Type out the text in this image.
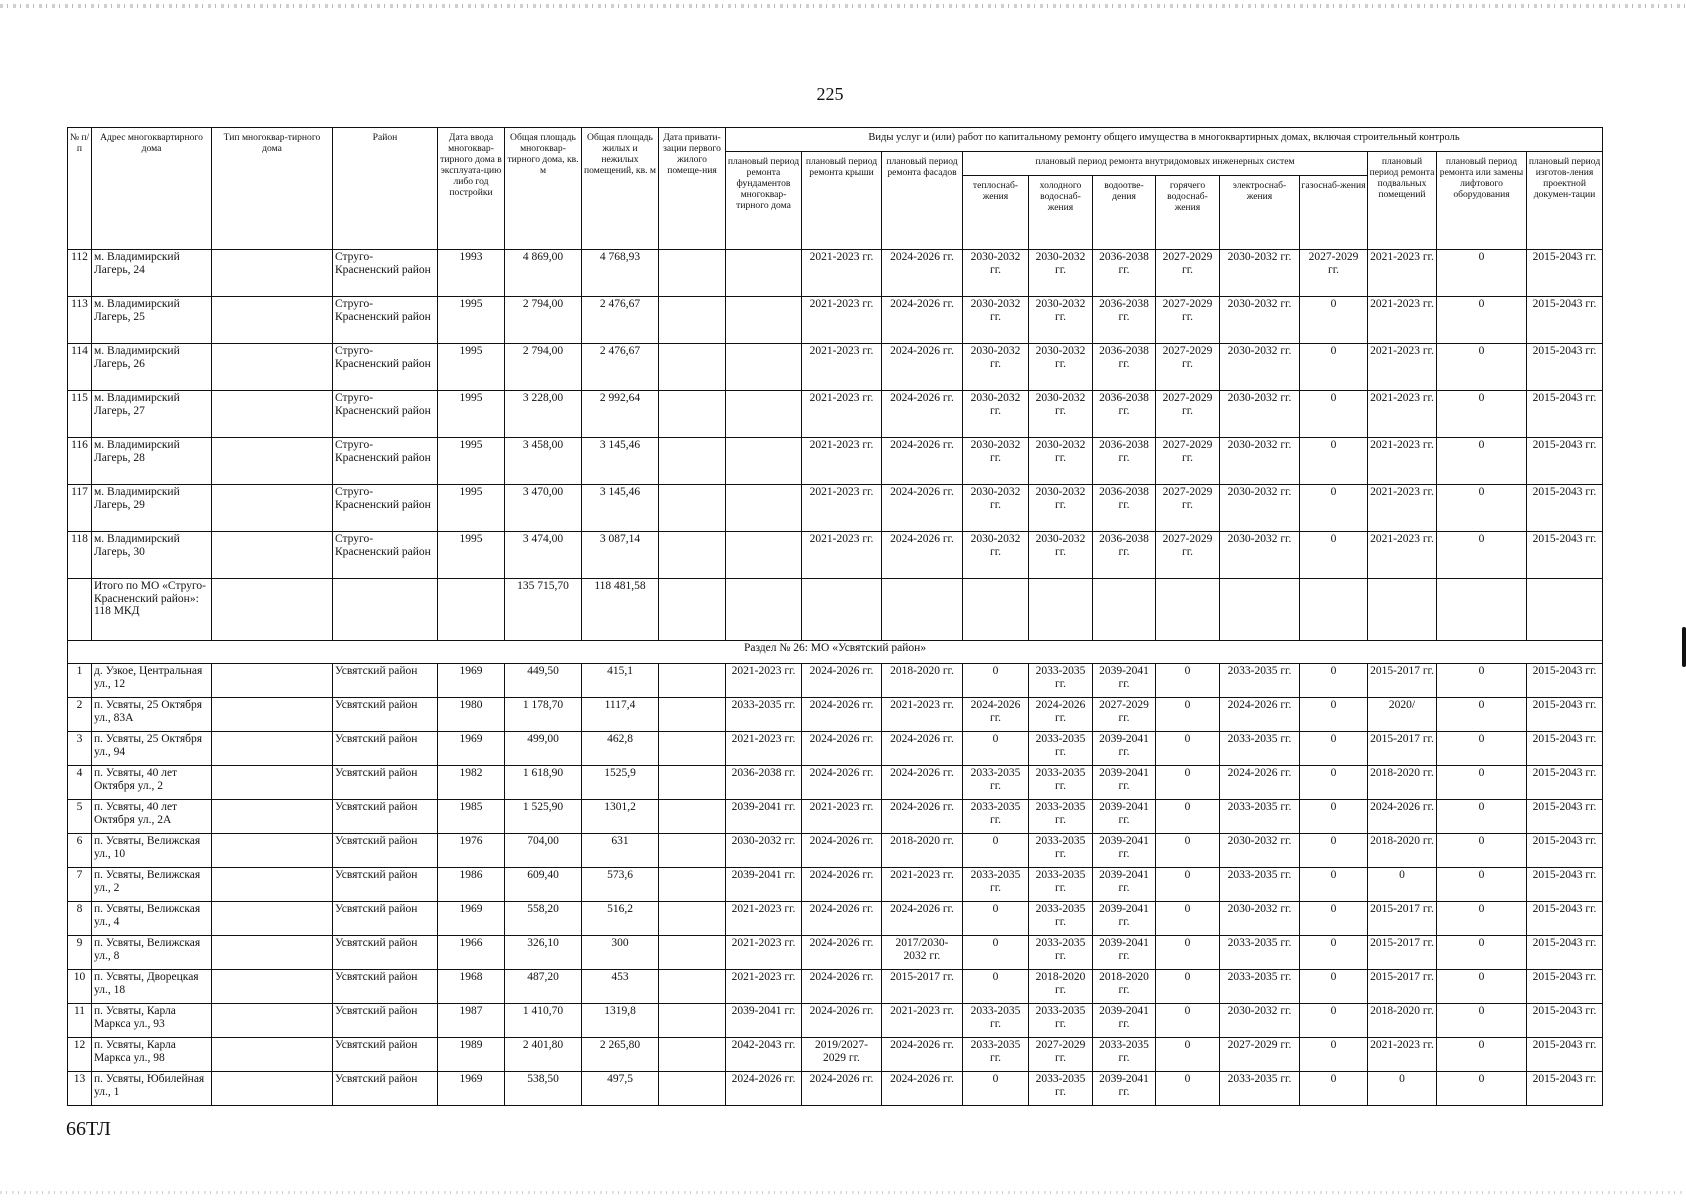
225
№ п/п	Адрес многоквартирного дома	Тип многоквар-тирного дома	Район	Дата ввода многоквар-тирного дома в эксплуата-цию либо год постройки	Общая площадь многоквар-тирного дома, кв. м	Общая площадь жилых и нежилых помещений, кв. м	Дата привати-зации первого жилого помеще-ния	Виды услуг и (или) работ по капитальному ремонту общего имущества в многоквартирных домах, включая строительный контроль											
								плановый период ремонта фундаментов многоквар-тирного дома	плановый период ремонта крыши	плановый период ремонта фасадов	плановый период ремонта внутридомовых инженерных систем						плановый период ремонта подвальных помещений	плановый период ремонта или замены лифтового оборудования	плановый период изготов-ления проектной докумен-тации
											теплоснаб-жения	холодного водоснаб-жения	водоотве-дения	горячего водоснаб-жения	электроснаб-жения	газоснаб-жения			
112	м. Владимирский Лагерь, 24		Струго-Красненский район	1993	4 869,00	4 768,93			2021-2023 гг.	2024-2026 гг.	2030-2032 гг.	2030-2032 гг.	2036-2038 гг.	2027-2029 гг.	2030-2032 гг.	2027-2029 гг.	2021-2023 гг.	0	2015-2043 гг.
113	м. Владимирский Лагерь, 25		Струго-Красненский район	1995	2 794,00	2 476,67			2021-2023 гг.	2024-2026 гг.	2030-2032 гг.	2030-2032 гг.	2036-2038 гг.	2027-2029 гг.	2030-2032 гг.	0	2021-2023 гг.	0	2015-2043 гг.
114	м. Владимирский Лагерь, 26		Струго-Красненский район	1995	2 794,00	2 476,67			2021-2023 гг.	2024-2026 гг.	2030-2032 гг.	2030-2032 гг.	2036-2038 гг.	2027-2029 гг.	2030-2032 гг.	0	2021-2023 гг.	0	2015-2043 гг.
115	м. Владимирский Лагерь, 27		Струго-Красненский район	1995	3 228,00	2 992,64			2021-2023 гг.	2024-2026 гг.	2030-2032 гг.	2030-2032 гг.	2036-2038 гг.	2027-2029 гг.	2030-2032 гг.	0	2021-2023 гг.	0	2015-2043 гг.
116	м. Владимирский Лагерь, 28		Струго-Красненский район	1995	3 458,00	3 145,46			2021-2023 гг.	2024-2026 гг.	2030-2032 гг.	2030-2032 гг.	2036-2038 гг.	2027-2029 гг.	2030-2032 гг.	0	2021-2023 гг.	0	2015-2043 гг.
117	м. Владимирский Лагерь, 29		Струго-Красненский район	1995	3 470,00	3 145,46			2021-2023 гг.	2024-2026 гг.	2030-2032 гг.	2030-2032 гг.	2036-2038 гг.	2027-2029 гг.	2030-2032 гг.	0	2021-2023 гг.	0	2015-2043 гг.
118	м. Владимирский Лагерь, 30		Струго-Красненский район	1995	3 474,00	3 087,14			2021-2023 гг.	2024-2026 гг.	2030-2032 гг.	2030-2032 гг.	2036-2038 гг.	2027-2029 гг.	2030-2032 гг.	0	2021-2023 гг.	0	2015-2043 гг.
	Итого по МО «Струго-Красненский район»: 118 МКД				135 715,70	118 481,58													
Раздел № 26: МО «Усвятский район»																			
1	д. Узкое, Центральная ул., 12		Усвятский район	1969	449,50	415,1		2021-2023 гг.	2024-2026 гг.	2018-2020 гг.	0	2033-2035 гг.	2039-2041 гг.	0	2033-2035 гг.	0	2015-2017 гг.	0	2015-2043 гг.
2	п. Усвяты, 25 Октября ул., 83А		Усвятский район	1980	1 178,70	1117,4		2033-2035 гг.	2024-2026 гг.	2021-2023 гг.	2024-2026 гг.	2024-2026 гг.	2027-2029 гг.	0	2024-2026 гг.	0	2020/	0	2015-2043 гг.
3	п. Усвяты, 25 Октября ул., 94		Усвятский район	1969	499,00	462,8		2021-2023 гг.	2024-2026 гг.	2024-2026 гг.	0	2033-2035 гг.	2039-2041 гг.	0	2033-2035 гг.	0	2015-2017 гг.	0	2015-2043 гг.
4	п. Усвяты, 40 лет Октября ул., 2		Усвятский район	1982	1 618,90	1525,9		2036-2038 гг.	2024-2026 гг.	2024-2026 гг.	2033-2035 гг.	2033-2035 гг.	2039-2041 гг.	0	2024-2026 гг.	0	2018-2020 гг.	0	2015-2043 гг.
5	п. Усвяты, 40 лет Октября ул., 2А		Усвятский район	1985	1 525,90	1301,2		2039-2041 гг.	2021-2023 гг.	2024-2026 гг.	2033-2035 гг.	2033-2035 гг.	2039-2041 гг.	0	2033-2035 гг.	0	2024-2026 гг.	0	2015-2043 гг.
6	п. Усвяты, Велижская ул., 10		Усвятский район	1976	704,00	631		2030-2032 гг.	2024-2026 гг.	2018-2020 гг.	0	2033-2035 гг.	2039-2041 гг.	0	2030-2032 гг.	0	2018-2020 гг.	0	2015-2043 гг.
7	п. Усвяты, Велижская ул., 2		Усвятский район	1986	609,40	573,6		2039-2041 гг.	2024-2026 гг.	2021-2023 гг.	2033-2035 гг.	2033-2035 гг.	2039-2041 гг.	0	2033-2035 гг.	0	0	0	2015-2043 гг.
8	п. Усвяты, Велижская ул., 4		Усвятский район	1969	558,20	516,2		2021-2023 гг.	2024-2026 гг.	2024-2026 гг.	0	2033-2035 гг.	2039-2041 гг.	0	2030-2032 гг.	0	2015-2017 гг.	0	2015-2043 гг.
9	п. Усвяты, Велижская ул., 8		Усвятский район	1966	326,10	300		2021-2023 гг.	2024-2026 гг.	2017/2030-2032 гг.	0	2033-2035 гг.	2039-2041 гг.	0	2033-2035 гг.	0	2015-2017 гг.	0	2015-2043 гг.
10	п. Усвяты, Дворецкая ул., 18		Усвятский район	1968	487,20	453		2021-2023 гг.	2024-2026 гг.	2015-2017 гг.	0	2018-2020 гг.	2018-2020 гг.	0	2033-2035 гг.	0	2015-2017 гг.	0	2015-2043 гг.
11	п. Усвяты, Карла Маркса ул., 93		Усвятский район	1987	1 410,70	1319,8		2039-2041 гг.	2024-2026 гг.	2021-2023 гг.	2033-2035 гг.	2033-2035 гг.	2039-2041 гг.	0	2030-2032 гг.	0	2018-2020 гг.	0	2015-2043 гг.
12	п. Усвяты, Карла Маркса ул., 98		Усвятский район	1989	2 401,80	2 265,80		2042-2043 гг.	2019/2027-2029 гг.	2024-2026 гг.	2033-2035 гг.	2027-2029 гг.	2033-2035 гг.	0	2027-2029 гг.	0	2021-2023 гг.	0	2015-2043 гг.
13	п. Усвяты, Юбилейная ул., 1		Усвятский район	1969	538,50	497,5		2024-2026 гг.	2024-2026 гг.	2024-2026 гг.	0	2033-2035 гг.	2039-2041 гг.	0	2033-2035 гг.	0	0	0	2015-2043 гг.
66ТЛ
